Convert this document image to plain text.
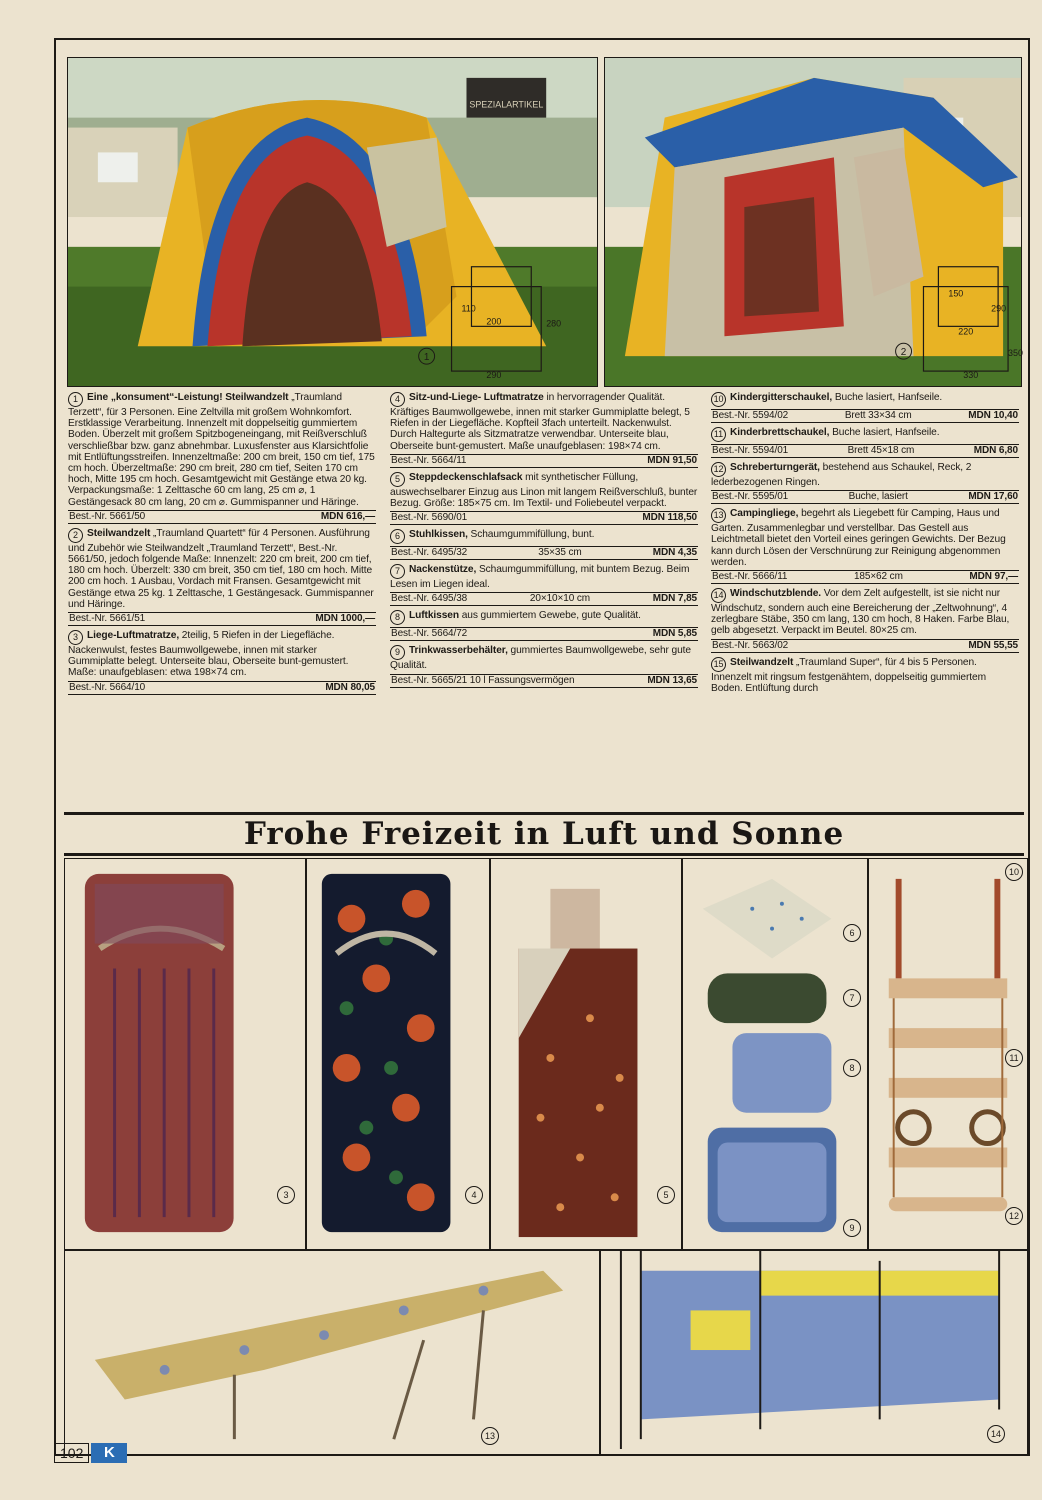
SPEZIALARTIKEL
110
200	280
290
1
150
220
290
330
350
2
1 Eine „konsument“-Leistung! Steilwandzelt „Traumland Terzett“, für 3 Personen. Eine Zeltvilla mit großem Wohnkomfort. Erstklassige Verarbeitung. Innenzelt mit doppelseitig gummiertem Boden. Überzelt mit großem Spitzbogeneingang, mit Reißverschluß verschließbar bzw. ganz abnehmbar. Luxusfenster aus Klarsichtfolie mit Entlüftungsstreifen. Innenzeltmaße: 200 cm breit, 150 cm tief, 175 cm hoch. Überzeltmaße: 290 cm breit, 280 cm tief, Seiten 170 cm hoch, Mitte 195 cm hoch. Gesamtgewicht mit Gestänge etwa 20 kg. Verpackungsmaße: 1 Zelttasche 60 cm lang, 25 cm ⌀, 1 Gestängesack 80 cm lang, 20 cm ⌀. Gummispanner und Häringe.
Best.-Nr. 5661/50	MDN 616,—
2 Steilwandzelt „Traumland Quartett“ für 4 Personen. Ausführung und Zubehör wie Steilwandzelt „Traumland Terzett“, Best.-Nr. 5661/50, jedoch folgende Maße: Innenzelt: 220 cm breit, 200 cm tief, 180 cm hoch. Überzelt: 330 cm breit, 350 cm tief, 180 cm hoch. Mitte 200 cm hoch. 1 Ausbau, Vordach mit Fransen. Gesamtgewicht mit Gestänge etwa 25 kg. 1 Zelttasche, 1 Gestängesack. Gummispanner und Häringe.
Best.-Nr. 5661/51	MDN 1000,—
3 Liege-Luftmatratze, 2teilig, 5 Riefen in der Liegefläche. Nackenwulst, festes Baumwollgewebe, innen mit starker Gummiplatte belegt. Unterseite blau, Oberseite bunt-gemustert. Maße: unaufgeblasen: etwa 198×74 cm.
Best.-Nr. 5664/10	MDN 80,05
4 Sitz-und-Liege- Luftmatratze in hervorragender Qualität. Kräftiges Baumwollgewebe, innen mit starker Gummiplatte belegt, 5 Riefen in der Liegefläche. Kopfteil 3fach unterteilt. Nackenwulst. Durch Haltegurte als Sitzmatratze verwendbar. Unterseite blau, Oberseite bunt-gemustert. Maße unaufgeblasen: 198×74 cm.
Best.-Nr. 5664/11	MDN 91,50
5 Steppdeckenschlafsack mit synthetischer Füllung, auswechselbarer Einzug aus Linon mit langem Reißverschluß, bunter Bezug. Größe: 185×75 cm. Im Textil- und Foliebeutel verpackt.
Best.-Nr. 5690/01	MDN 118,50
6 Stuhlkissen, Schaumgummifüllung, bunt.
Best.-Nr. 6495/32	35×35 cm	MDN 4,35
7 Nackenstütze, Schaumgummifüllung, mit buntem Bezug. Beim Lesen im Liegen ideal.
Best.-Nr. 6495/38	20×10×10 cm	MDN 7,85
8 Luftkissen aus gummiertem Gewebe, gute Qualität.
Best.-Nr. 5664/72	MDN 5,85
9 Trinkwasserbehälter, gummiertes Baumwollgewebe, sehr gute Qualität.
Best.-Nr. 5665/21 10 l Fassungsvermögen	MDN 13,65
10 Kindergitterschaukel, Buche lasiert, Hanfseile.
Best.-Nr. 5594/02	Brett 33×34 cm	MDN 10,40
11 Kinderbrettschaukel, Buche lasiert, Hanfseile.
Best.-Nr. 5594/01	Brett 45×18 cm	MDN 6,80
12 Schreberturngerät, bestehend aus Schaukel, Reck, 2 lederbezogenen Ringen.
Best.-Nr. 5595/01	Buche, lasiert	MDN 17,60
13 Campingliege, begehrt als Liegebett für Camping, Haus und Garten. Zusammenlegbar und verstellbar. Das Gestell aus Leichtmetall bietet den Vorteil eines geringen Gewichts. Der Bezug kann durch Lösen der Verschnürung zur Reinigung abgenommen werden.
Best.-Nr. 5666/11	185×62 cm	MDN 97,—
14 Windschutzblende. Vor dem Zelt aufgestellt, ist sie nicht nur Windschutz, sondern auch eine Bereicherung der „Zeltwohnung“, 4 zerlegbare Stäbe, 350 cm lang, 130 cm hoch, 8 Haken. Farbe Blau, gelb abgesetzt. Verpackt im Beutel. 80×25 cm.
Best.-Nr. 5663/02	MDN 55,55
15 Steilwandzelt „Traumland Super“, für 4 bis 5 Personen. Innenzelt mit ringsum festgenähtem, doppelseitig gummiertem Boden. Entlüftung durch
Frohe Freizeit in Luft und Sonne
3	4	5
6
7
8
9
10
11
12
13	14
102	K
